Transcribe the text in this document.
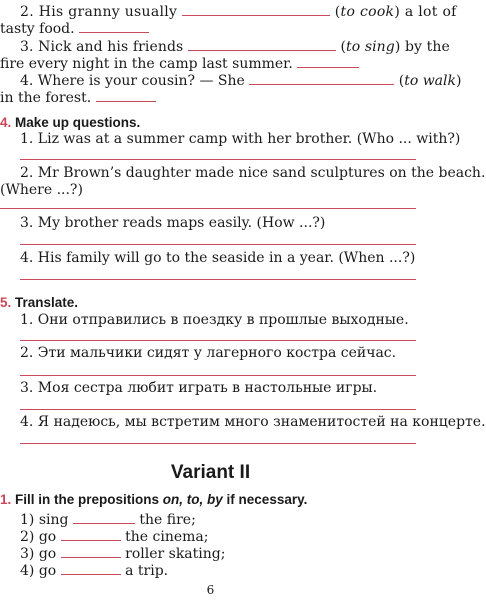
2. His granny usually	(to cook) a lot of
tasty food.
3. Nick and his friends	(to sing) by the
fire every night in the camp last summer.
4. Where is your cousin? — She	(to walk)
in the forest.
4. Make up questions.
1. Liz was at a summer camp with her brother. (Who ... with?)
2. Mr Brown’s daughter made nice sand sculptures on the beach.
(Where ...?)
3. My brother reads maps easily. (How ...?)
4. His family will go to the seaside in a year. (When ...?)
5. Translate.
1. Они отправились в поездку в прошлые выходные.
2. Эти мальчики сидят у лагерного костра сейчас.
3. Моя сестра любит играть в настольные игры.
4. Я надеюсь, мы встретим много знаменитостей на концерте.
Variant II
1. Fill in the prepositions on, to, by if necessary.
1) sing	the fire;
2) go	the cinema;
3) go	roller skating;
4) go	a trip.
6
